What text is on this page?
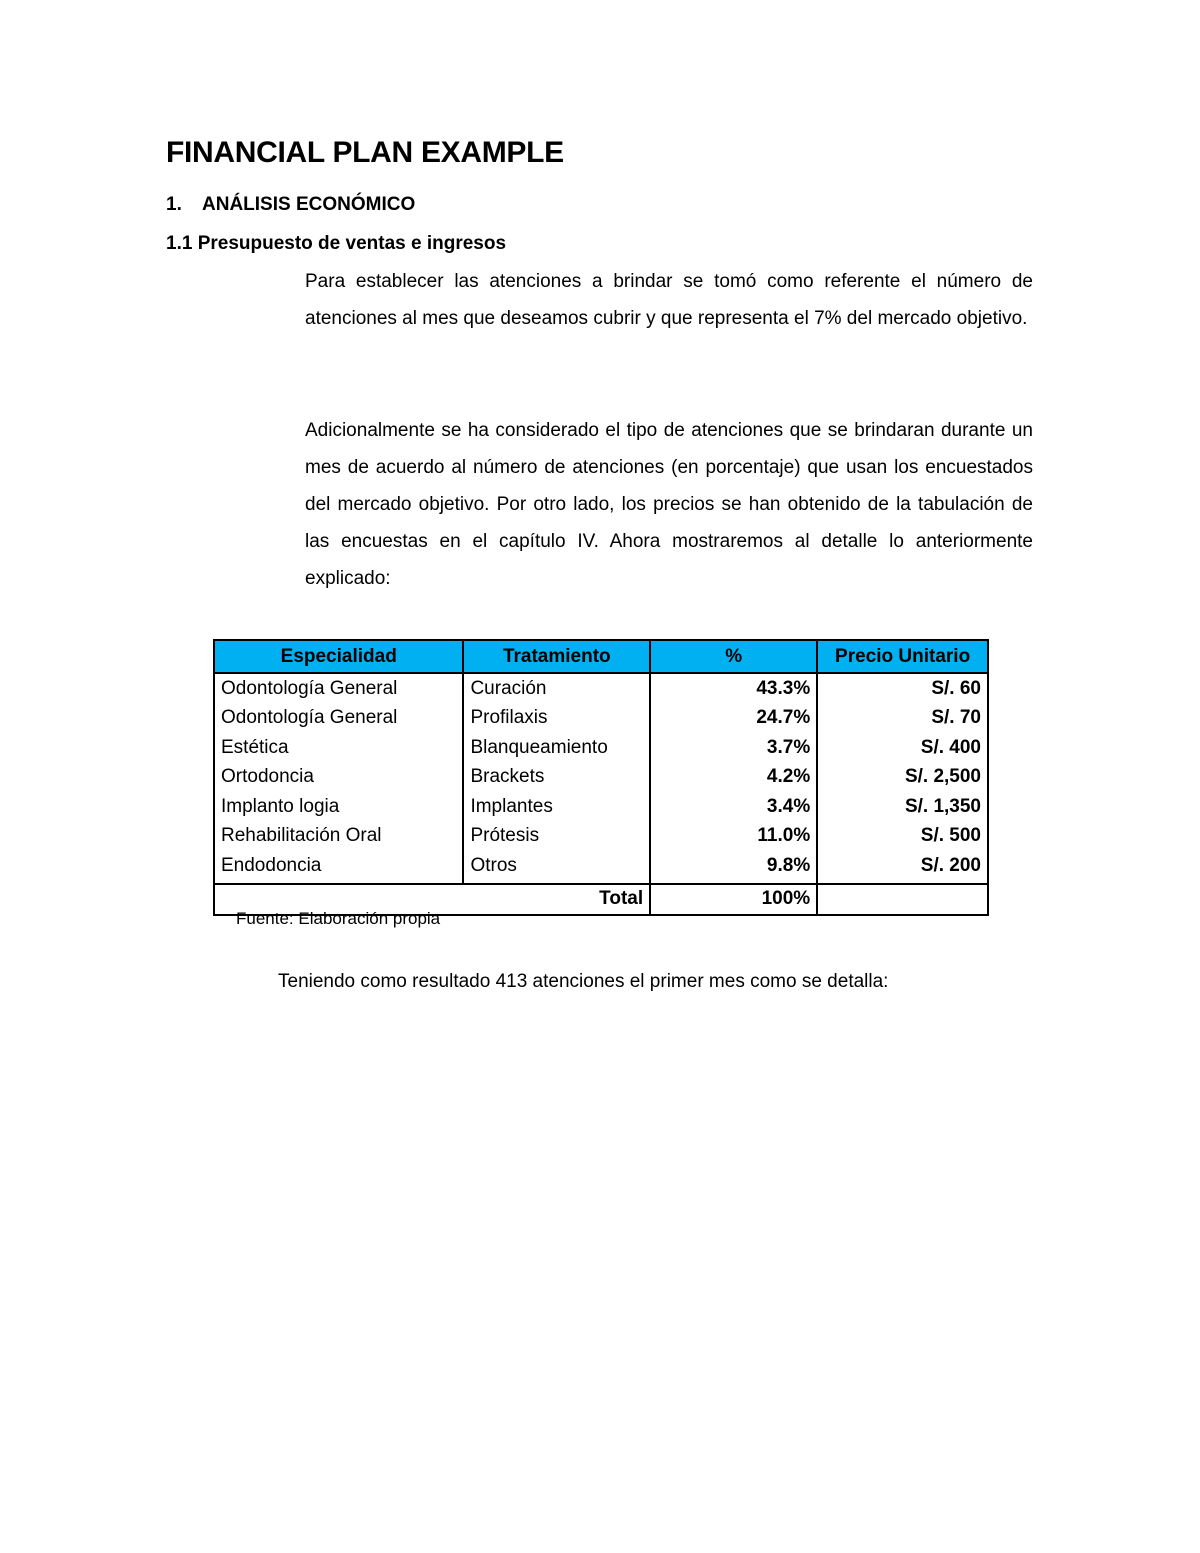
FINANCIAL PLAN EXAMPLE
1. ANÁLISIS ECONÓMICO
1.1 Presupuesto de ventas e ingresos

Para establecer las atenciones a brindar se tomó como referente el número de atenciones al mes que deseamos cubrir y que representa el 7% del mercado objetivo.

Adicionalmente se ha considerado el tipo de atenciones que se brindaran durante un mes de acuerdo al número de atenciones (en porcentaje) que usan los encuestados del mercado objetivo. Por otro lado, los precios se han obtenido de la tabulación de las encuestas en el capítulo IV. Ahora mostraremos al detalle lo anteriormente explicado:

Especialidad	Tratamiento	%	Precio Unitario
Odontología General	Curación	43.3%	S/. 60
Odontología General	Profilaxis	24.7%	S/. 70
Estética	Blanqueamiento	3.7%	S/. 400
Ortodoncia	Brackets	4.2%	S/. 2,500
Implanto logia	Implantes	3.4%	S/. 1,350
Rehabilitación Oral	Prótesis	11.0%	S/. 500
Endodoncia	Otros	9.8%	S/. 200
Total		100%	
Fuente: Elaboración propia
Teniendo como resultado 413 atenciones el primer mes como se detalla:
